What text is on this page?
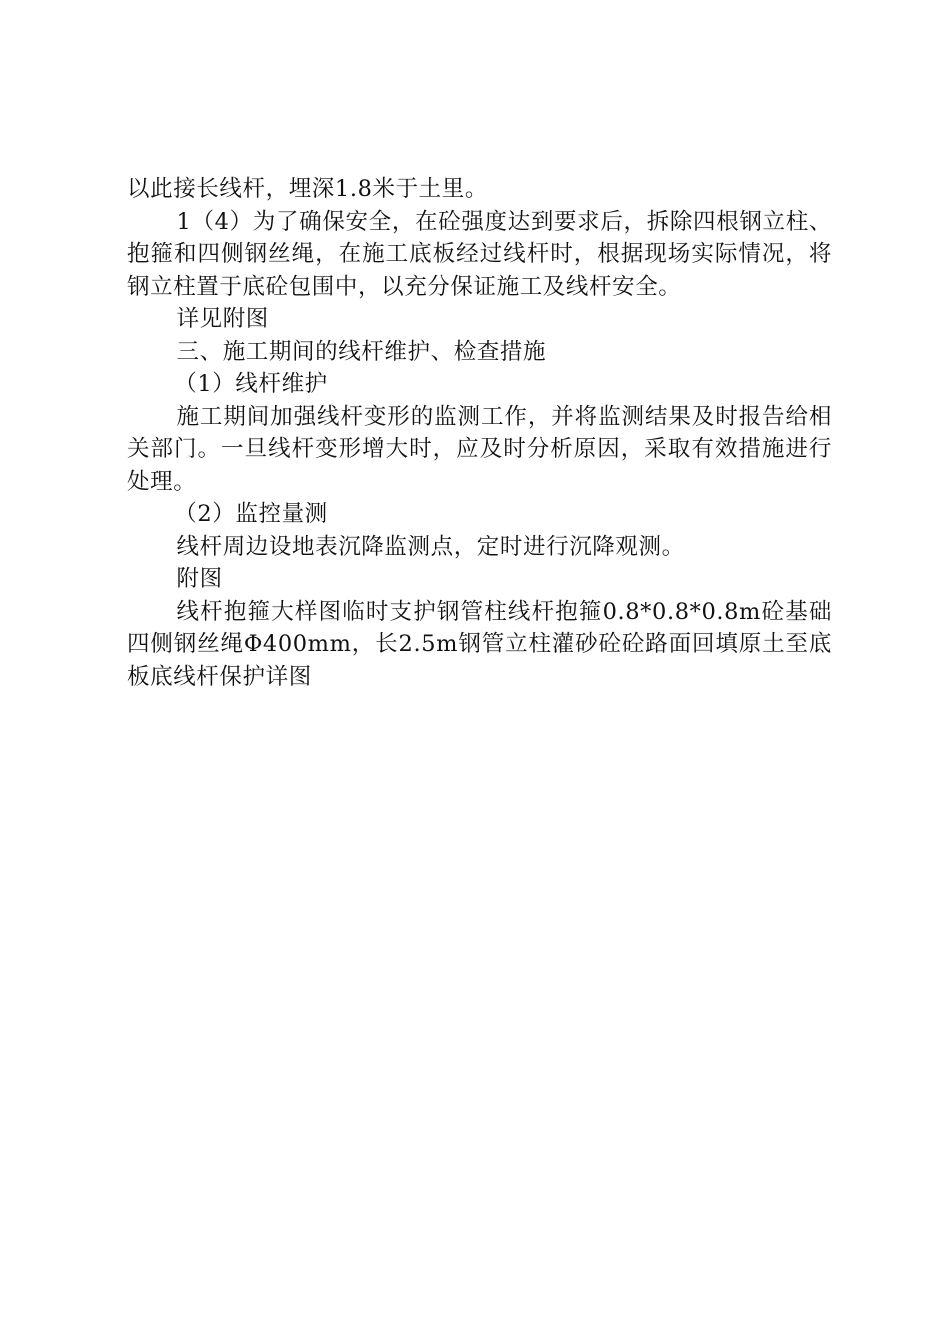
以此接长线杆，埋深1.8米于土里。

1（4）为了确保安全，在砼强度达到要求后，拆除四根钢立柱、抱箍和四侧钢丝绳，在施工底板经过线杆时，根据现场实际情况，将钢立柱置于底砼包围中，以充分保证施工及线杆安全。

详见附图

三、施工期间的线杆维护、检查措施

（1）线杆维护

施工期间加强线杆变形的监测工作，并将监测结果及时报告给相关部门。一旦线杆变形增大时，应及时分析原因，采取有效措施进行处理。

（2）监控量测

线杆周边设地表沉降监测点，定时进行沉降观测。

附图

线杆抱箍大样图临时支护钢管柱线杆抱箍0.8*0.8*0.8m砼基础四侧钢丝绳Φ400mm，长2.5m钢管立柱灌砂砼砼路面回填原土至底板底线杆保护详图
